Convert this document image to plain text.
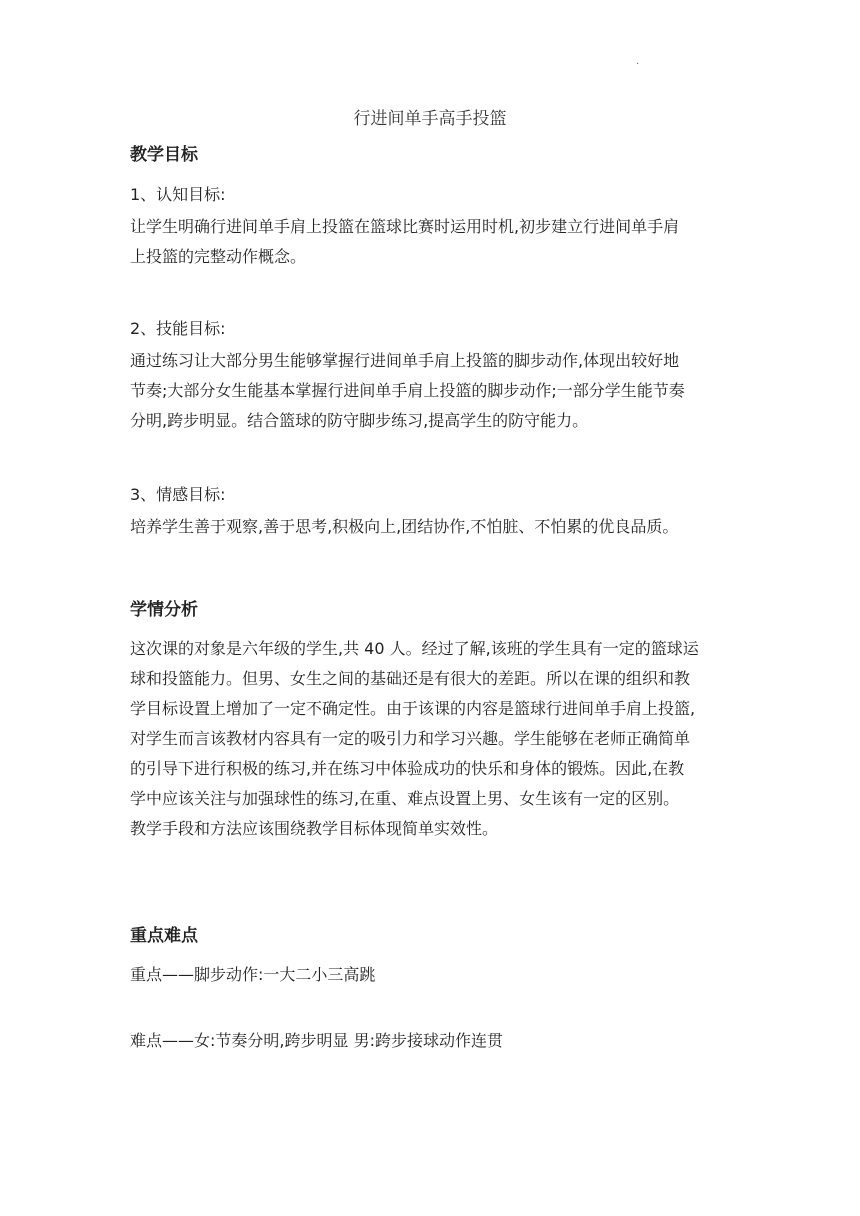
.
行进间单手高手投篮
教学目标
1、认知目标:
让学生明确行进间单手肩上投篮在篮球比赛时运用时机,初步建立行进间单手肩
上投篮的完整动作概念。
2、技能目标:
通过练习让大部分男生能够掌握行进间单手肩上投篮的脚步动作,体现出较好地
节奏;大部分女生能基本掌握行进间单手肩上投篮的脚步动作;一部分学生能节奏
分明,跨步明显。结合篮球的防守脚步练习,提高学生的防守能力。
3、情感目标:
培养学生善于观察,善于思考,积极向上,团结协作,不怕脏、不怕累的优良品质。
学情分析
这次课的对象是六年级的学生,共 40 人。经过了解,该班的学生具有一定的篮球运
球和投篮能力。但男、女生之间的基础还是有很大的差距。所以在课的组织和教
学目标设置上增加了一定不确定性。由于该课的内容是篮球行进间单手肩上投篮,
对学生而言该教材内容具有一定的吸引力和学习兴趣。学生能够在老师正确简单
的引导下进行积极的练习,并在练习中体验成功的快乐和身体的锻炼。因此,在教
学中应该关注与加强球性的练习,在重、难点设置上男、女生该有一定的区别。
教学手段和方法应该围绕教学目标体现简单实效性。
重点难点
重点——脚步动作:一大二小三高跳
难点——女:节奏分明,跨步明显 男:跨步接球动作连贯
